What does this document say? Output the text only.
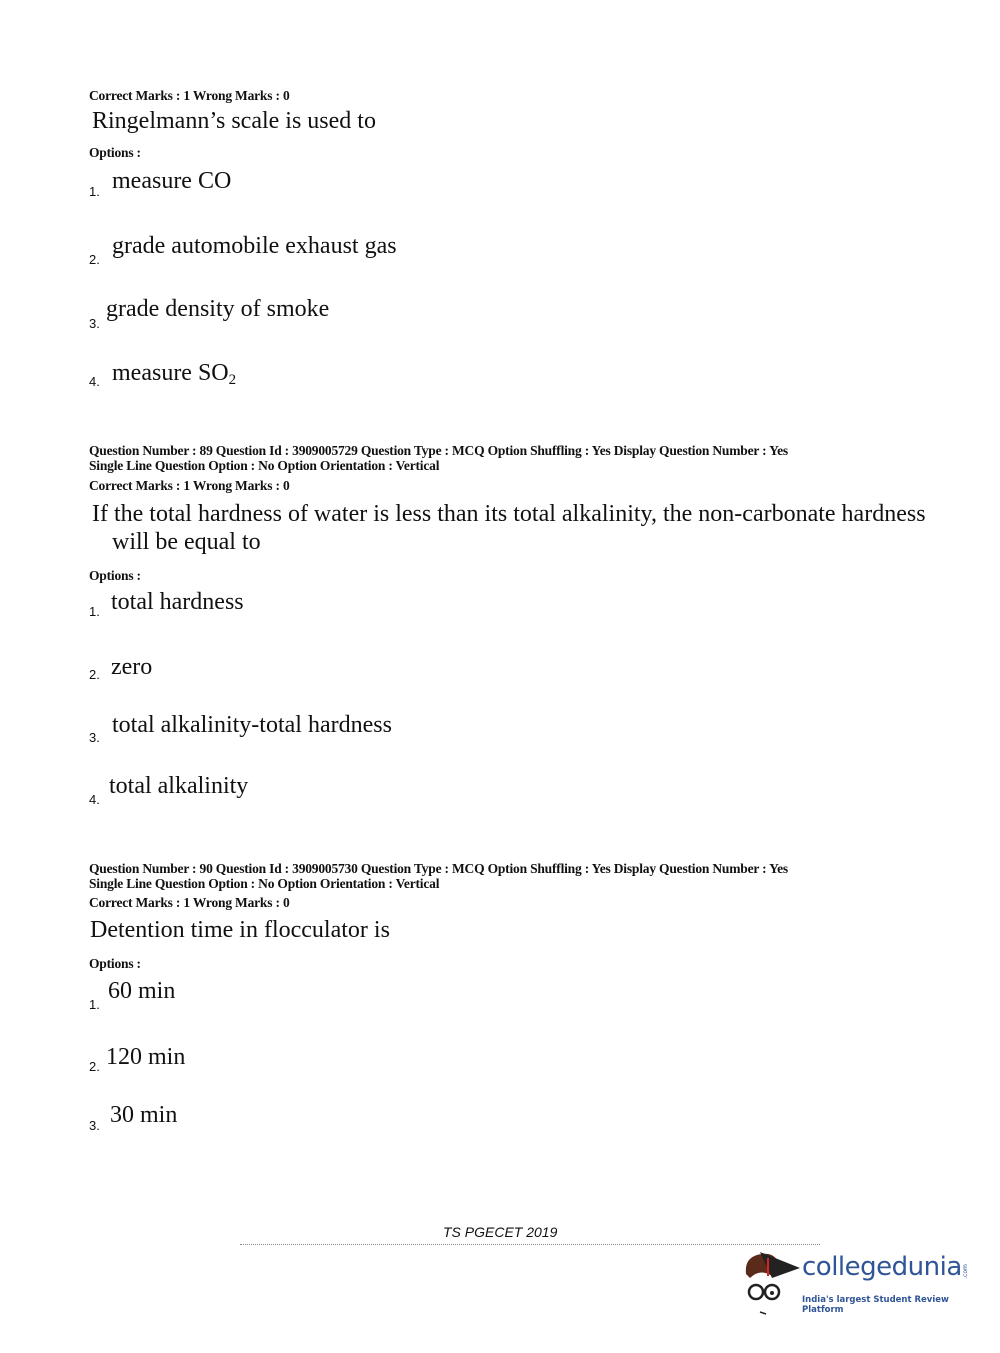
Correct Marks : 1 Wrong Marks : 0
Ringelmann’s scale is used to
Options :
1. measure CO
2.
grade automobile exhaust gas
3.
grade density of smoke
4. measure $SO_2$
Question Number : 89 Question Id : 3909005729 Question Type : MCQ Option Shuffling : Yes Display Question Number : Yes
Single Line Question Option : No Option Orientation : Vertical
Correct Marks : 1 Wrong Marks : 0
If the total hardness of water is less than its total alkalinity, the non-carbonate hardness
will be equal to
Options :
1. total hardness
2. zero
3. total alkalinity-total hardness
4.
total alkalinity
Question Number : 90 Question Id : 3909005730 Question Type : MCQ Option Shuffling : Yes Display Question Number : Yes
Single Line Question Option : No Option Orientation : Vertical
Correct Marks : 1 Wrong Marks : 0
Detention time in flocculator is
Options :
1.
60 min
2. 120 min
3. 30 min
TS PGECET 2019
collegedunia .com
India's largest Student Review Platform
